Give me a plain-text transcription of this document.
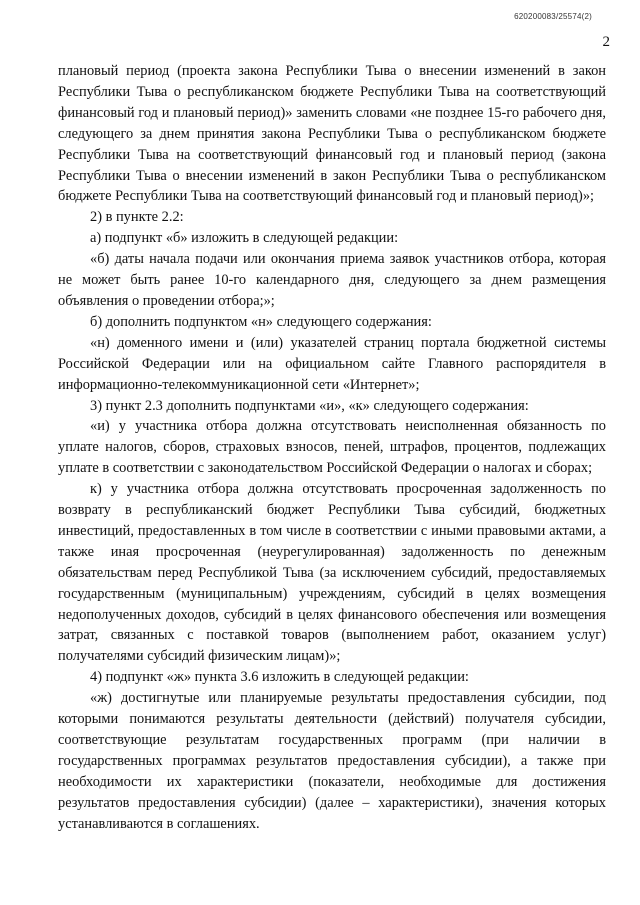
620200083/25574(2)
2

плановый период (проекта закона Республики Тыва о внесении изменений в закон Республики Тыва о республиканском бюджете Республики Тыва на соответствующий финансовый год и плановый период)» заменить словами «не позднее 15-го рабочего дня, следующего за днем принятия закона Республики Тыва о республиканском бюджете Республики Тыва на соответствующий финансовый год и плановый период (закона Республики Тыва о внесении изменений в закон Республики Тыва о республиканском бюджете Республики Тыва на соответствующий финансовый год и плановый период)»;

2) в пункте 2.2:

а) подпункт «б» изложить в следующей редакции:

«б) даты начала подачи или окончания приема заявок участников отбора, которая не может быть ранее 10-го календарного дня, следующего за днем размещения объявления о проведении отбора;»;

б) дополнить подпунктом «н» следующего содержания:

«н) доменного имени и (или) указателей страниц портала бюджетной системы Российской Федерации или на официальном сайте Главного распорядителя в информационно-телекоммуникационной сети «Интернет»;

3) пункт 2.3 дополнить подпунктами «и», «к» следующего содержания:

«и) у участника отбора должна отсутствовать неисполненная обязанность по уплате налогов, сборов, страховых взносов, пеней, штрафов, процентов, подлежащих уплате в соответствии с законодательством Российской Федерации о налогах и сборах;

к) у участника отбора должна отсутствовать просроченная задолженность по возврату в республиканский бюджет Республики Тыва субсидий, бюджетных инвестиций, предоставленных в том числе в соответствии с иными правовыми актами, а также иная просроченная (неурегулированная) задолженность по денежным обязательствам перед Республикой Тыва (за исключением субсидий, предоставляемых государственным (муниципальным) учреждениям, субсидий в целях возмещения недополученных доходов, субсидий в целях финансового обеспечения или возмещения затрат, связанных с поставкой товаров (выполнением работ, оказанием услуг) получателями субсидий физическим лицам)»;

4) подпункт «ж» пункта 3.6 изложить в следующей редакции:

«ж) достигнутые или планируемые результаты предоставления субсидии, под которыми понимаются результаты деятельности (действий) получателя субсидии, соответствующие результатам государственных программ (при наличии в государственных программах результатов предоставления субсидии), а также при необходимости их характеристики (показатели, необходимые для достижения результатов предоставления субсидии) (далее – характеристики), значения которых устанавливаются в соглашениях.
